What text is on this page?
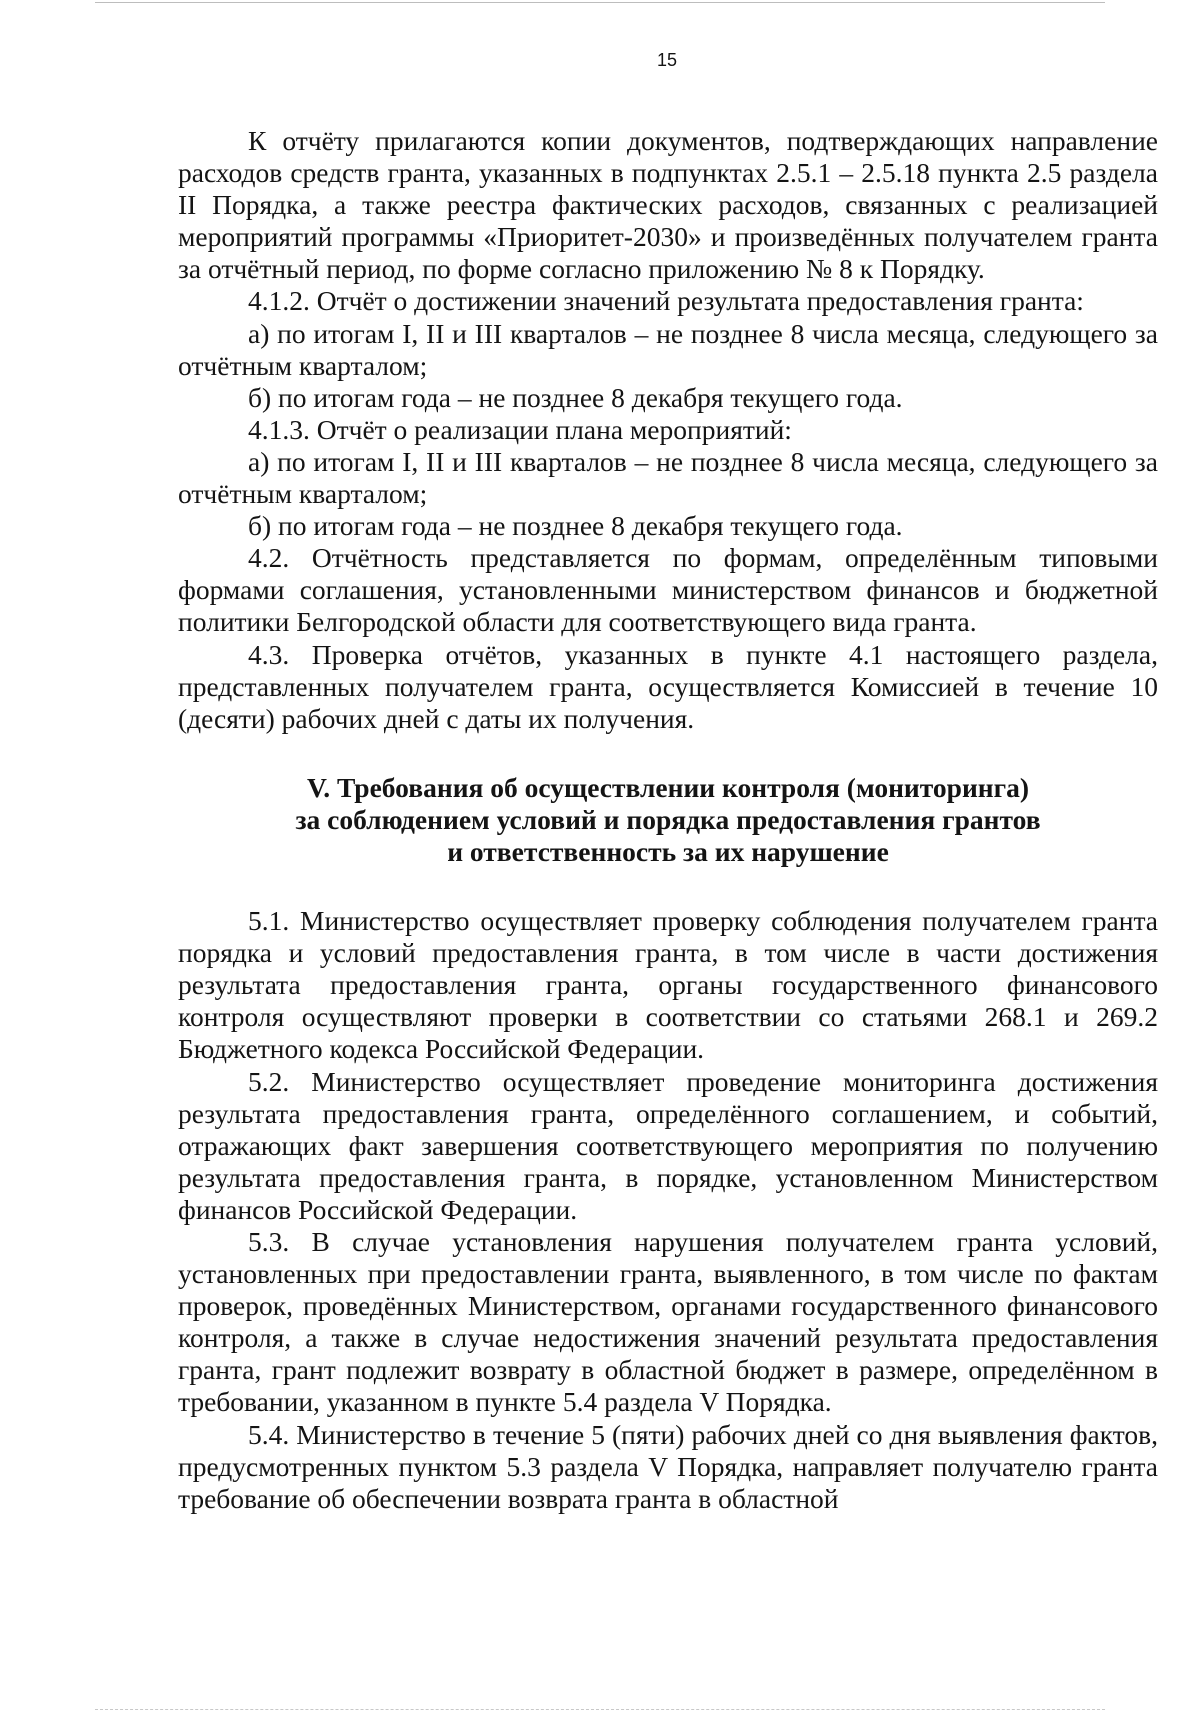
15

К отчёту прилагаются копии документов, подтверждающих направление расходов средств гранта, указанных в подпунктах 2.5.1 – 2.5.18 пункта 2.5 раздела II Порядка, а также реестра фактических расходов, связанных с реализацией мероприятий программы «Приоритет-2030» и произведённых получателем гранта за отчётный период, по форме согласно приложению № 8 к Порядку.

4.1.2. Отчёт о достижении значений результата предоставления гранта:

а) по итогам I, II и III кварталов – не позднее 8 числа месяца, следующего за отчётным кварталом;

б) по итогам года – не позднее 8 декабря текущего года.

4.1.3. Отчёт о реализации плана мероприятий:

а) по итогам I, II и III кварталов – не позднее 8 числа месяца, следующего за отчётным кварталом;

б) по итогам года – не позднее 8 декабря текущего года.

4.2. Отчётность представляется по формам, определённым типовыми формами соглашения, установленными министерством финансов и бюджетной политики Белгородской области для соответствующего вида гранта.

4.3. Проверка отчётов, указанных в пункте 4.1 настоящего раздела, представленных получателем гранта, осуществляется Комиссией в течение 10 (десяти) рабочих дней с даты их получения.

V. Требования об осуществлении контроля (мониторинга)
за соблюдением условий и порядка предоставления грантов
и ответственность за их нарушение

5.1. Министерство осуществляет проверку соблюдения получателем гранта порядка и условий предоставления гранта, в том числе в части достижения результата предоставления гранта, органы государственного финансового контроля осуществляют проверки в соответствии со статьями 268.1 и 269.2 Бюджетного кодекса Российской Федерации.

5.2. Министерство осуществляет проведение мониторинга достижения результата предоставления гранта, определённого соглашением, и событий, отражающих факт завершения соответствующего мероприятия по получению результата предоставления гранта, в порядке, установленном Министерством финансов Российской Федерации.

5.3. В случае установления нарушения получателем гранта условий, установленных при предоставлении гранта, выявленного, в том числе по фактам проверок, проведённых Министерством, органами государственного финансового контроля, а также в случае недостижения значений результата предоставления гранта, грант подлежит возврату в областной бюджет в размере, определённом в требовании, указанном в пункте 5.4 раздела V Порядка.

5.4. Министерство в течение 5 (пяти) рабочих дней со дня выявления фактов, предусмотренных пунктом 5.3 раздела V Порядка, направляет получателю гранта требование об обеспечении возврата гранта в областной
